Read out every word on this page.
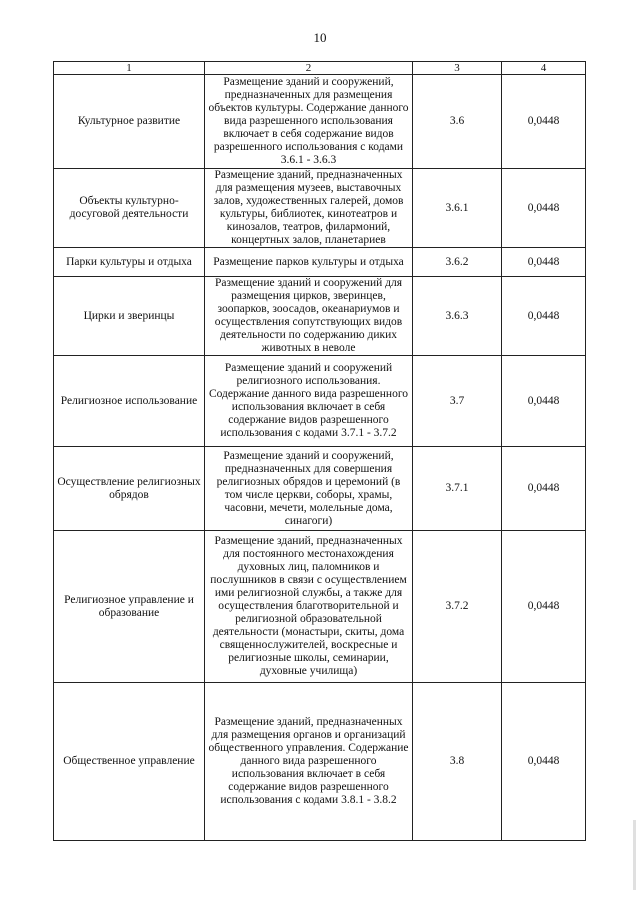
10
1	2	3	4
Культурное развитие	Размещение зданий и сооружений, предназначенных для размещения объектов культуры. Содержание данного вида разрешенного использования включает в себя содержание видов разрешенного использования с кодами 3.6.1 - 3.6.3	3.6	0,0448
Объекты культурно-досуговой деятельности	Размещение зданий, предназначенных для размещения музеев, выставочных залов, художественных галерей, домов культуры, библиотек, кинотеатров и кинозалов, театров, филармоний, концертных залов, планетариев	3.6.1	0,0448
Парки культуры и отдыха	Размещение парков культуры и отдыха	3.6.2	0,0448
Цирки и зверинцы	Размещение зданий и сооружений для размещения цирков, зверинцев, зоопарков, зоосадов, океанариумов и осуществления сопутствующих видов деятельности по содержанию диких животных в неволе	3.6.3	0,0448
Религиозное использование	Размещение зданий и сооружений религиозного использования. Содержание данного вида разрешенного использования включает в себя содержание видов разрешенного использования с кодами 3.7.1 - 3.7.2	3.7	0,0448
Осуществление религиозных обрядов	Размещение зданий и сооружений, предназначенных для совершения религиозных обрядов и церемоний (в том числе церкви, соборы, храмы, часовни, мечети, молельные дома, синагоги)	3.7.1	0,0448
Религиозное управление и образование	Размещение зданий, предназначенных для постоянного местонахождения духовных лиц, паломников и послушников в связи с осуществлением ими религиозной службы, а также для осуществления благотворительной и религиозной образовательной деятельности (монастыри, скиты, дома священнослужителей, воскресные и религиозные школы, семинарии, духовные училища)	3.7.2	0,0448
Общественное управление	Размещение зданий, предназначенных для размещения органов и организаций общественного управления. Содержание данного вида разрешенного использования включает в себя содержание видов разрешенного использования с кодами 3.8.1 - 3.8.2	3.8	0,0448
